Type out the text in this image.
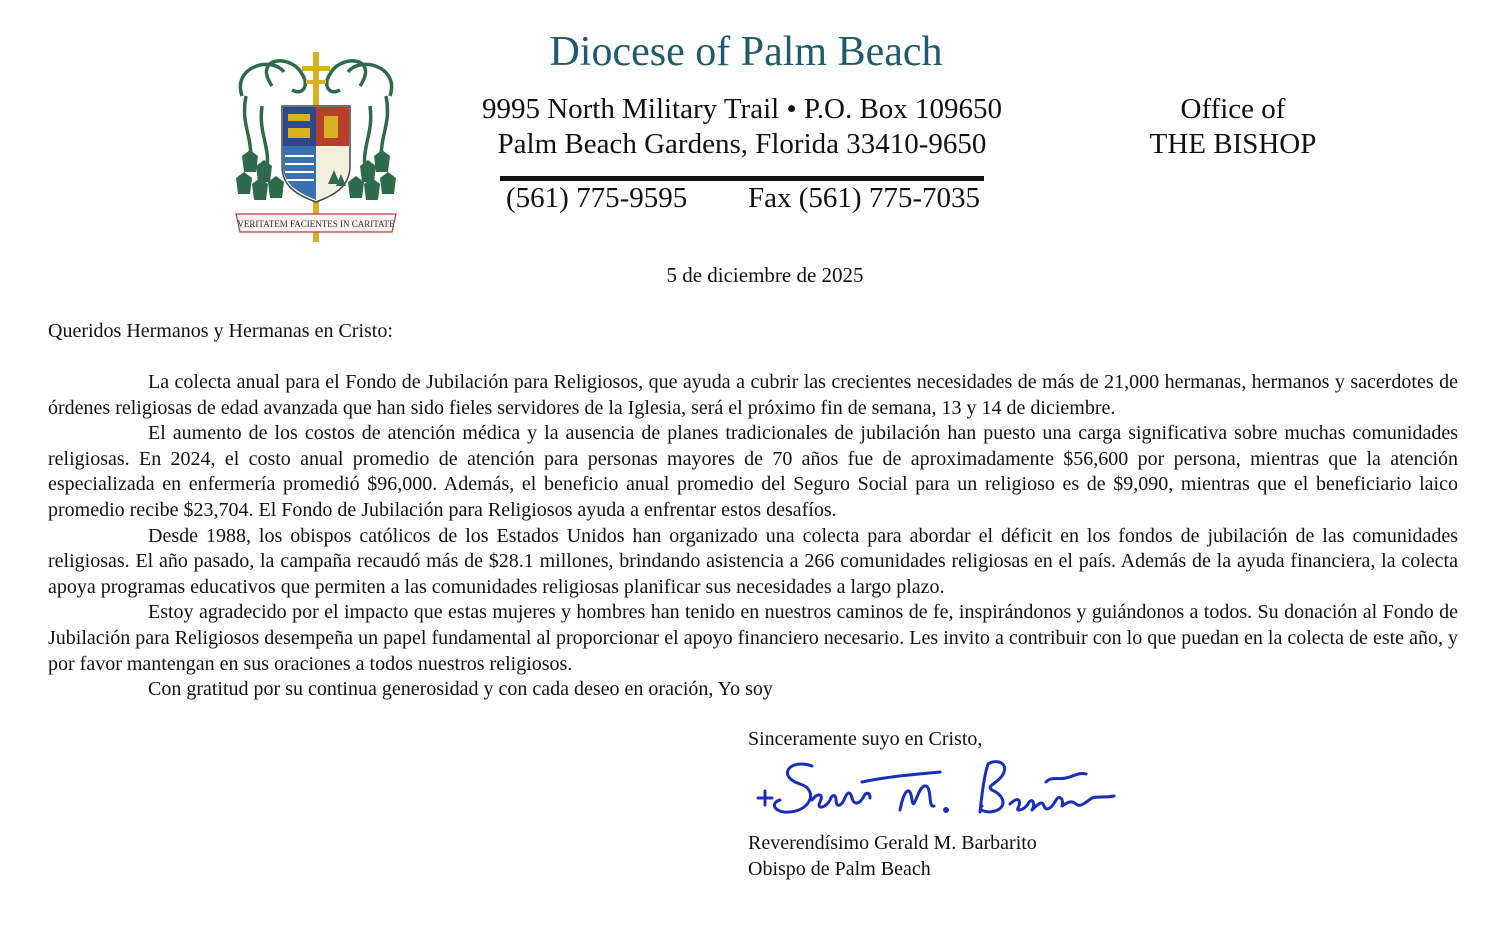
VERITATEM FACIENTES IN CARITATE
Diocese of Palm Beach
9995 North Military Trail • P.O. Box 109650
Palm Beach Gardens, Florida 33410-9650
(561) 775-9595 Fax (561) 775-7035
Office of
THE BISHOP
5 de diciembre de 2025
Queridos Hermanos y Hermanas en Cristo:

La colecta anual para el Fondo de Jubilación para Religiosos, que ayuda a cubrir las crecientes necesidades de más de 21,000 hermanas, hermanos y sacerdotes de órdenes religiosas de edad avanzada que han sido fieles servidores de la Iglesia, será el próximo fin de semana, 13 y 14 de diciembre.

El aumento de los costos de atención médica y la ausencia de planes tradicionales de jubilación han puesto una carga significativa sobre muchas comunidades religiosas. En 2024, el costo anual promedio de atención para personas mayores de 70 años fue de aproximadamente $56,600 por persona, mientras que la atención especializada en enfermería promedió $96,000. Además, el beneficio anual promedio del Seguro Social para un religioso es de $9,090, mientras que el beneficiario laico promedio recibe $23,704. El Fondo de Jubilación para Religiosos ayuda a enfrentar estos desafíos.

Desde 1988, los obispos católicos de los Estados Unidos han organizado una colecta para abordar el déficit en los fondos de jubilación de las comunidades religiosas. El año pasado, la campaña recaudó más de $28.1 millones, brindando asistencia a 266 comunidades religiosas en el país. Además de la ayuda financiera, la colecta apoya programas educativos que permiten a las comunidades religiosas planificar sus necesidades a largo plazo.

Estoy agradecido por el impacto que estas mujeres y hombres han tenido en nuestros caminos de fe, inspirándonos y guiándonos a todos. Su donación al Fondo de Jubilación para Religiosos desempeña un papel fundamental al proporcionar el apoyo financiero necesario. Les invito a contribuir con lo que puedan en la colecta de este año, y por favor mantengan en sus oraciones a todos nuestros religiosos.

Con gratitud por su continua generosidad y con cada deseo en oración, Yo soy

Sinceramente suyo en Cristo,
Reverendísimo Gerald M. Barbarito
Obispo de Palm Beach
